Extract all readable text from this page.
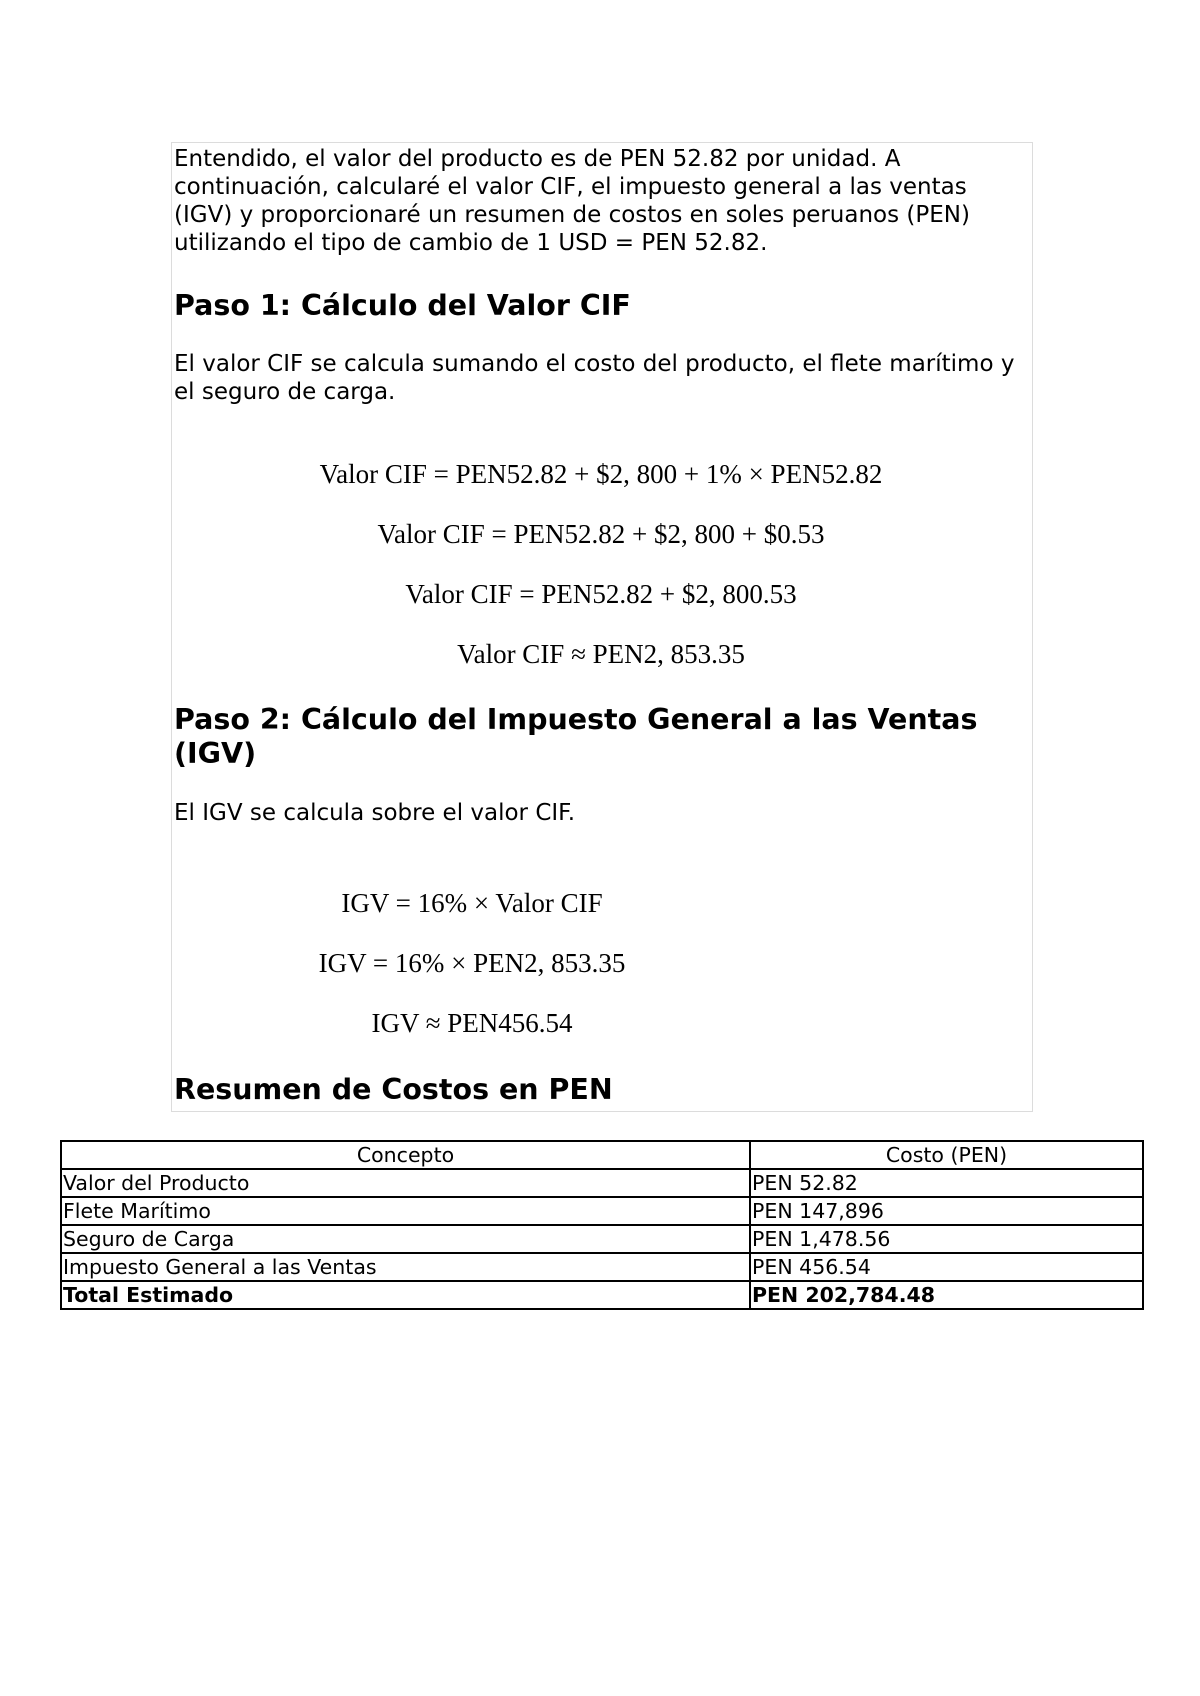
Entendido, el valor del producto es de PEN 52.82 por unidad. A continuación, calcularé el valor CIF, el impuesto general a las ventas (IGV) y proporcionaré un resumen de costos en soles peruanos (PEN) utilizando el tipo de cambio de 1 USD = PEN 52.82.

Paso 1: Cálculo del Valor CIF

El valor CIF se calcula sumando el costo del producto, el flete marítimo y el seguro de carga.

Valor CIF = PEN52.82 + $2, 800 + 1% × PEN52.82
Valor CIF = PEN52.82 + $2, 800 + $0.53
Valor CIF = PEN52.82 + $2, 800.53
Valor CIF ≈ PEN2, 853.35
Paso 2: Cálculo del Impuesto General a las Ventas (IGV)

El IGV se calcula sobre el valor CIF.

IGV = 16% × Valor CIF
IGV = 16% × PEN2, 853.35
IGV ≈ PEN456.54
Resumen de Costos en PEN
Concepto	Costo (PEN)
Valor del Producto	PEN 52.82
Flete Marítimo	PEN 147,896
Seguro de Carga	PEN 1,478.56
Impuesto General a las Ventas	PEN 456.54
Total Estimado	PEN 202,784.48
